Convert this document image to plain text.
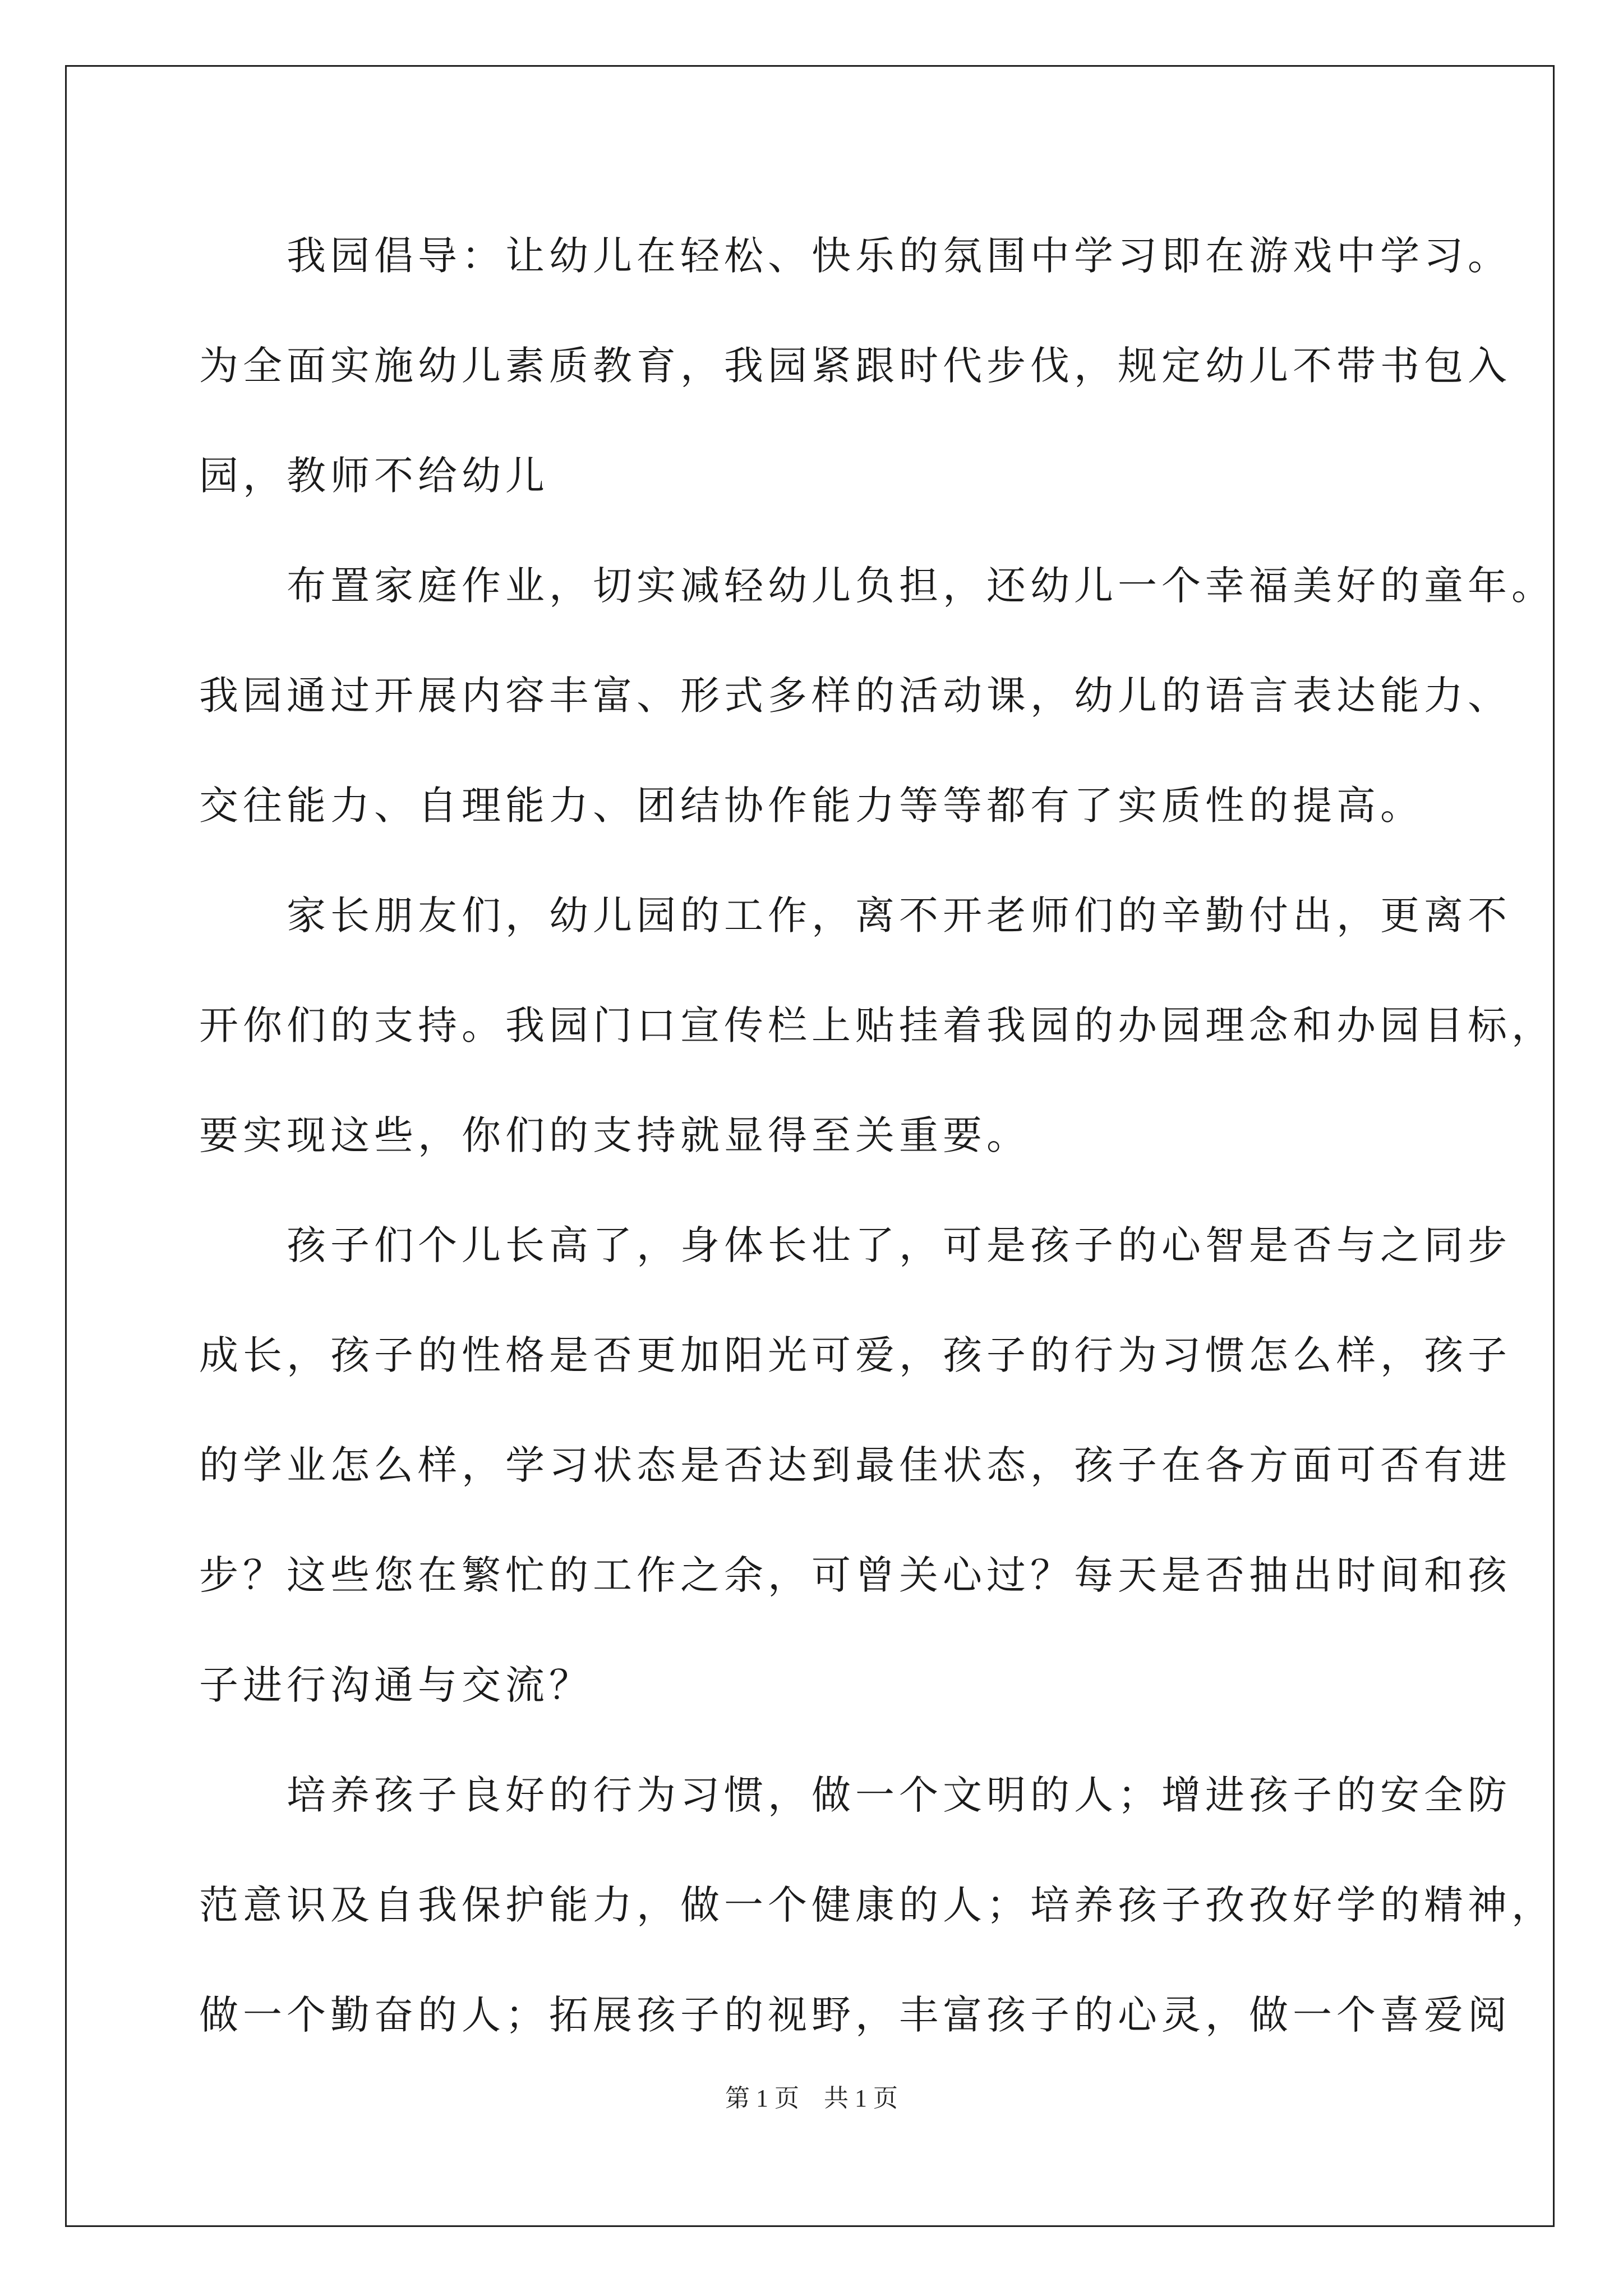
　　我园倡导：让幼儿在轻松、快乐的氛围中学习即在游戏中学习。
为全面实施幼儿素质教育，我园紧跟时代步伐，规定幼儿不带书包入
园，教师不给幼儿
　　布置家庭作业，切实减轻幼儿负担，还幼儿一个幸福美好的童年。
我园通过开展内容丰富、形式多样的活动课，幼儿的语言表达能力、
交往能力、自理能力、团结协作能力等等都有了实质性的提高。
　　家长朋友们，幼儿园的工作，离不开老师们的辛勤付出，更离不
开你们的支持。我园门口宣传栏上贴挂着我园的办园理念和办园目标，
要实现这些，你们的支持就显得至关重要。
　　孩子们个儿长高了，身体长壮了，可是孩子的心智是否与之同步
成长，孩子的性格是否更加阳光可爱，孩子的行为习惯怎么样，孩子
的学业怎么样，学习状态是否达到最佳状态，孩子在各方面可否有进
步？这些您在繁忙的工作之余，可曾关心过？每天是否抽出时间和孩
子进行沟通与交流？
　　培养孩子良好的行为习惯，做一个文明的人；增进孩子的安全防
范意识及自我保护能力，做一个健康的人；培养孩子孜孜好学的精神，
做一个勤奋的人；拓展孩子的视野，丰富孩子的心灵，做一个喜爱阅
第 1 页　共 1 页
